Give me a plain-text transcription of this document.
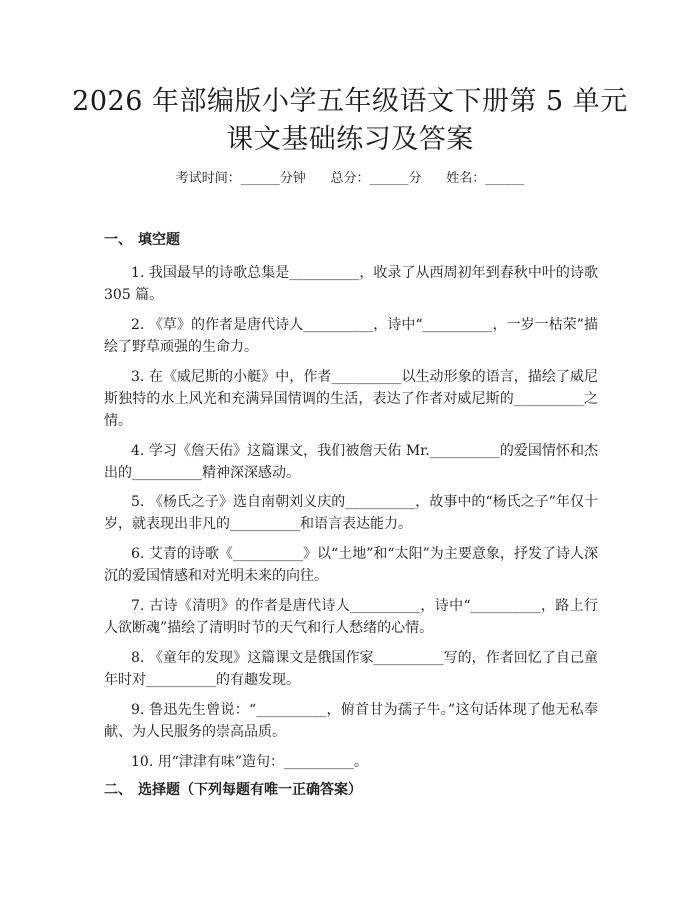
2026 年部编版小学五年级语文下册第 5 单元
课文基础练习及答案
考试时间：______分钟      总分：______分      姓名：______
一、 填空题
1. 我国最早的诗歌总集是__________，收录了从西周初年到春秋中叶的诗歌 305 篇。
2. 《草》的作者是唐代诗人__________，诗中“__________，一岁一枯荣”描绘了野草顽强的生命力。
3. 在《威尼斯的小艇》中，作者__________以生动形象的语言，描绘了威尼斯独特的水上风光和充满异国情调的生活，表达了作者对威尼斯的__________之情。
4. 学习《詹天佑》这篇课文，我们被詹天佑 Mr.__________的爱国情怀和杰出的__________精神深深感动。
5. 《杨氏之子》选自南朝刘义庆的__________，故事中的“杨氏之子”年仅十岁，就表现出非凡的__________和语言表达能力。
6. 艾青的诗歌《__________》以“土地”和“太阳”为主要意象，抒发了诗人深沉的爱国情感和对光明未来的向往。
7. 古诗《清明》的作者是唐代诗人__________，诗中“__________，路上行人欲断魂”描绘了清明时节的天气和行人愁绪的心情。
8. 《童年的发现》这篇课文是俄国作家__________写的，作者回忆了自己童年时对__________的有趣发现。
9. 鲁迅先生曾说：“__________，俯首甘为孺子牛。”这句话体现了他无私奉献、为人民服务的崇高品质。
10. 用“津津有味”造句：__________。
二、 选择题（下列每题有唯一正确答案）
